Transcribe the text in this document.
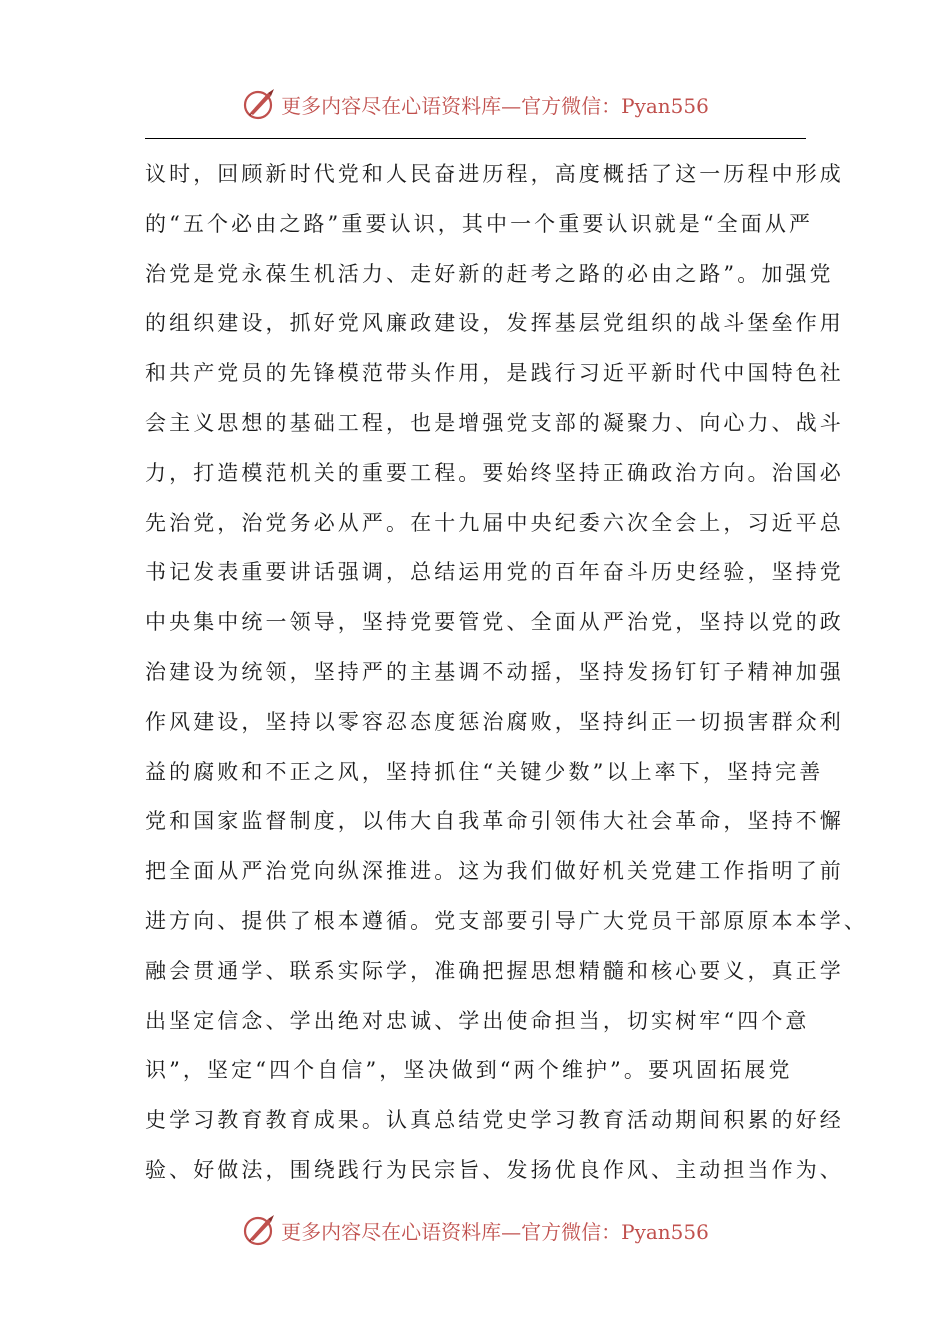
更多内容尽在心语资料库—官方微信：Pyan556
议时，回顾新时代党和人民奋进历程，高度概括了这一历程中形成
的“五个必由之路”重要认识，其中一个重要认识就是“全面从严
治党是党永葆生机活力、走好新的赶考之路的必由之路”。加强党
的组织建设，抓好党风廉政建设，发挥基层党组织的战斗堡垒作用
和共产党员的先锋模范带头作用，是践行习近平新时代中国特色社
会主义思想的基础工程，也是增强党支部的凝聚力、向心力、战斗
力，打造模范机关的重要工程。要始终坚持正确政治方向。治国必
先治党，治党务必从严。在十九届中央纪委六次全会上，习近平总
书记发表重要讲话强调，总结运用党的百年奋斗历史经验，坚持党
中央集中统一领导，坚持党要管党、全面从严治党，坚持以党的政
治建设为统领，坚持严的主基调不动摇，坚持发扬钉钉子精神加强
作风建设，坚持以零容忍态度惩治腐败，坚持纠正一切损害群众利
益的腐败和不正之风，坚持抓住“关键少数”以上率下，坚持完善
党和国家监督制度，以伟大自我革命引领伟大社会革命，坚持不懈
把全面从严治党向纵深推进。这为我们做好机关党建工作指明了前
进方向、提供了根本遵循。党支部要引导广大党员干部原原本本学、
融会贯通学、联系实际学，准确把握思想精髓和核心要义，真正学
出坚定信念、学出绝对忠诚、学出使命担当，切实树牢“四个意
识”，坚定“四个自信”，坚决做到“两个维护”。要巩固拓展党
史学习教育教育成果。认真总结党史学习教育活动期间积累的好经
验、好做法，围绕践行为民宗旨、发扬优良作风、主动担当作为、
更多内容尽在心语资料库—官方微信：Pyan556
